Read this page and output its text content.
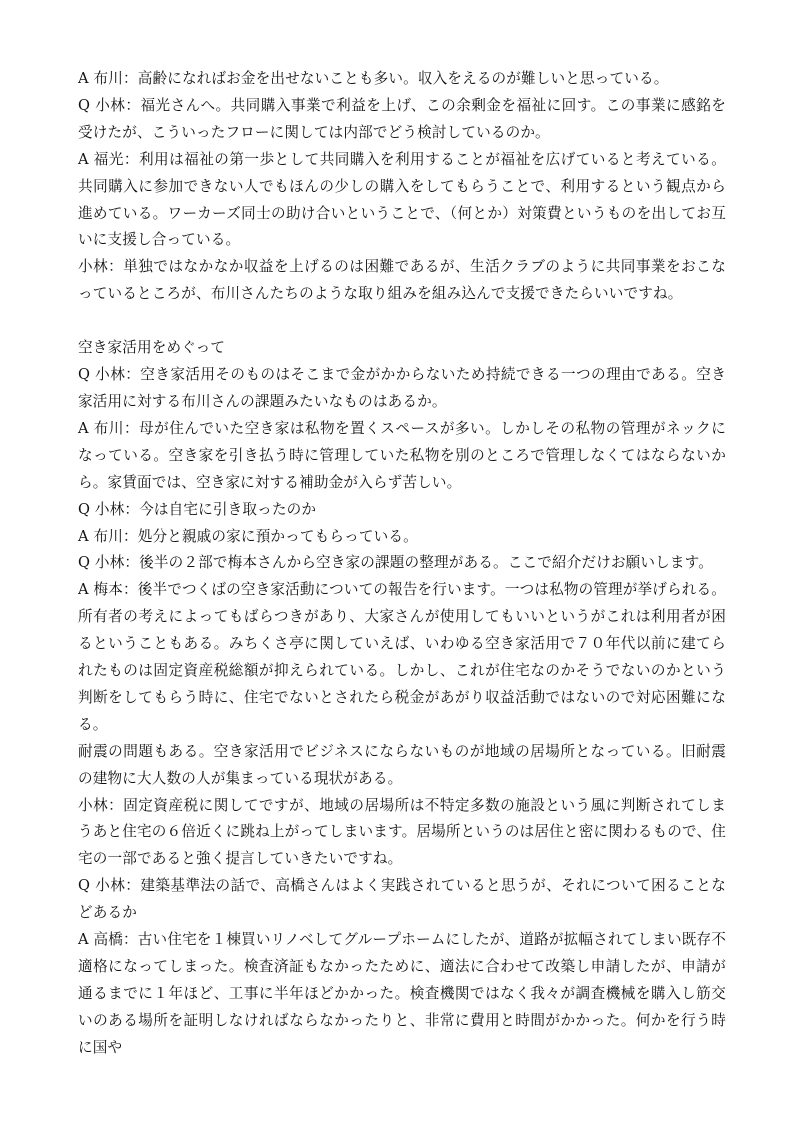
A 布川：高齢になればお金を出せないことも多い。収入をえるのが難しいと思っている。

Q 小林：福光さんへ。共同購入事業で利益を上げ、この余剰金を福祉に回す。この事業に感銘を受けたが、こういったフローに関しては内部でどう検討しているのか。

A 福光：利用は福祉の第一歩として共同購入を利用することが福祉を広げていると考えている。共同購入に参加できない人でもほんの少しの購入をしてもらうことで、利用するという観点から進めている。ワーカーズ同士の助け合いということで、（何とか）対策費というものを出してお互いに支援し合っている。

小林：単独ではなかなか収益を上げるのは困難であるが、生活クラブのように共同事業をおこなっているところが、布川さんたちのような取り組みを組み込んで支援できたらいいですね。

空き家活用をめぐって

Q 小林：空き家活用そのものはそこまで金がかからないため持続できる一つの理由である。空き家活用に対する布川さんの課題みたいなものはあるか。

A 布川：母が住んでいた空き家は私物を置くスペースが多い。しかしその私物の管理がネックになっている。空き家を引き払う時に管理していた私物を別のところで管理しなくてはならないから。家賃面では、空き家に対する補助金が入らず苦しい。

Q 小林：今は自宅に引き取ったのか

A 布川：処分と親戚の家に預かってもらっている。

Q 小林：後半の２部で梅本さんから空き家の課題の整理がある。ここで紹介だけお願いします。

A 梅本：後半でつくばの空き家活動についての報告を行います。一つは私物の管理が挙げられる。所有者の考えによってもばらつきがあり、大家さんが使用してもいいというがこれは利用者が困るということもある。みちくさ亭に関していえば、いわゆる空き家活用で７０年代以前に建てられたものは固定資産税総額が抑えられている。しかし、これが住宅なのかそうでないのかという判断をしてもらう時に、住宅でないとされたら税金があがり収益活動ではないので対応困難になる。

耐震の問題もある。空き家活用でビジネスにならないものが地域の居場所となっている。旧耐震の建物に大人数の人が集まっている現状がある。

小林：固定資産税に関してですが、地域の居場所は不特定多数の施設という風に判断されてしまうあと住宅の６倍近くに跳ね上がってしまいます。居場所というのは居住と密に関わるもので、住宅の一部であると強く提言していきたいですね。

Q 小林：建築基準法の話で、高橋さんはよく実践されていると思うが、それについて困ることなどあるか

A 高橋：古い住宅を１棟買いリノベしてグループホームにしたが、道路が拡幅されてしまい既存不適格になってしまった。検査済証もなかったために、適法に合わせて改築し申請したが、申請が通るまでに１年ほど、工事に半年ほどかかった。検査機関ではなく我々が調査機械を購入し筋交いのある場所を証明しなければならなかったりと、非常に費用と時間がかかった。何かを行う時に国や
